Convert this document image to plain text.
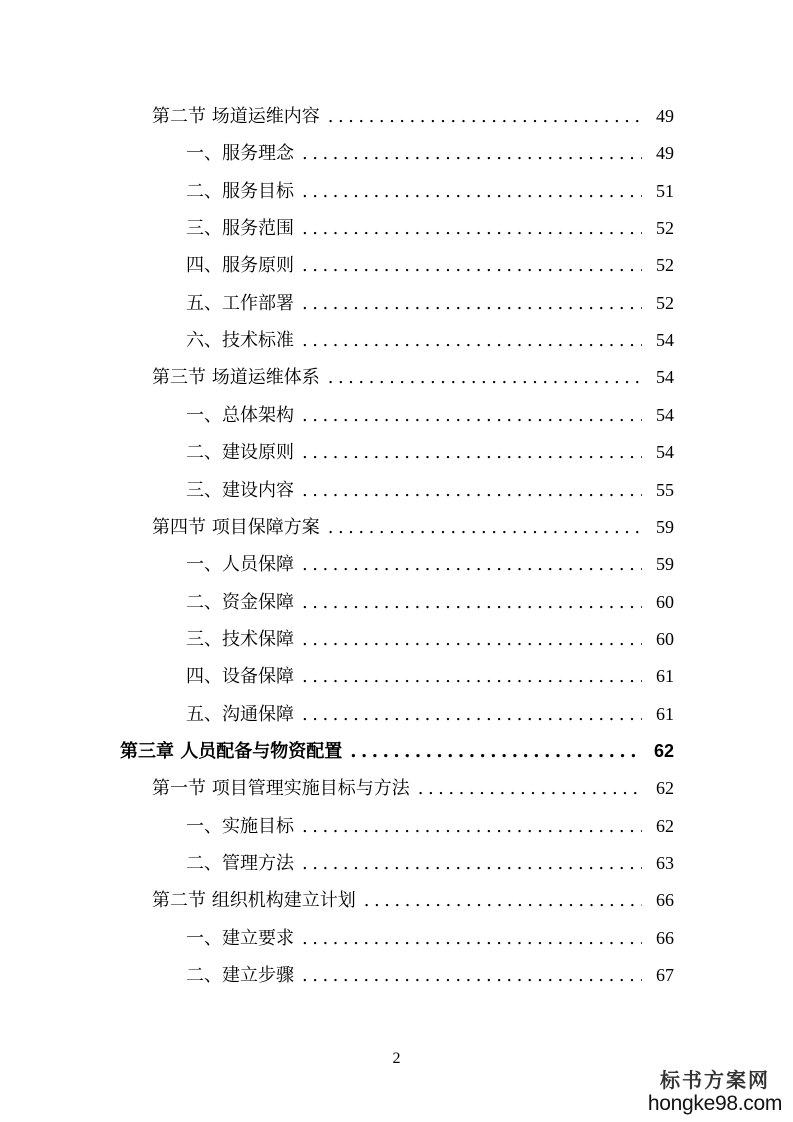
第二节 场道运维内容 .....	49
一、服务理念 .....	49
二、服务目标 .....	51
三、服务范围 .....	52
四、服务原则 .....	52
五、工作部署 .....	52
六、技术标准 .....	54
第三节 场道运维体系 .....	54
一、总体架构 .....	54
二、建设原则 .....	54
三、建设内容 .....	55
第四节 项目保障方案 .....	59
一、人员保障 .....	59
二、资金保障 .....	60
三、技术保障 .....	60
四、设备保障 .....	61
五、沟通保障 .....	61
第三章 人员配备与物资配置 .....	62
第一节 项目管理实施目标与方法 .....	62
一、实施目标 .....	62
二、管理方法 .....	63
第二节 组织机构建立计划 .....	66
一、建立要求 .....	66
二、建立步骤 .....	67
2
标书方案网
hongke98.com
